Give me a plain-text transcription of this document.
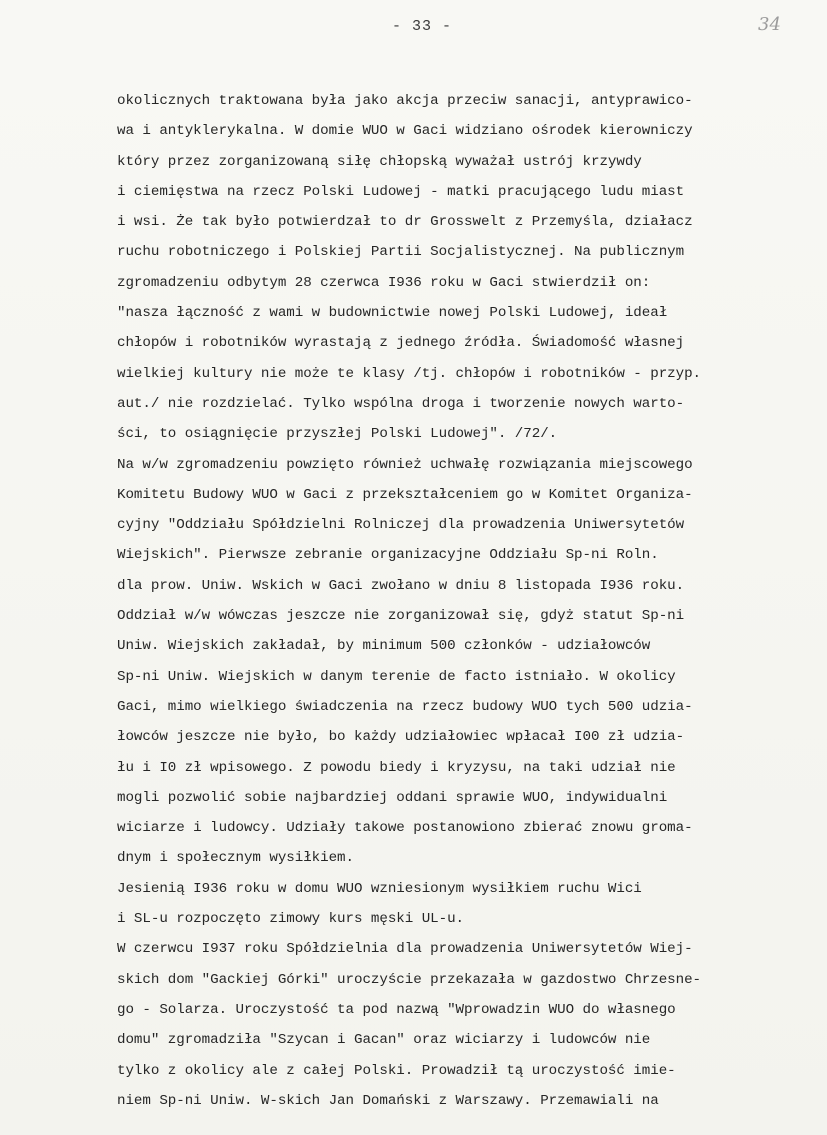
- 33 -	34
okolicznych traktowana była jako akcja przeciw sanacji, antyprawico-
wa i antyklerykalna. W domie WUO w Gaci widziano ośrodek kierowniczy
który przez zorganizowaną siłę chłopską wyważał ustrój krzywdy
i ciemięstwa na rzecz Polski Ludowej - matki pracującego ludu miast
i wsi. Że tak było potwierdzał to dr Grosswelt z Przemyśla, działacz
ruchu robotniczego i Polskiej Partii Socjalistycznej. Na publicznym
zgromadzeniu odbytym 28 czerwca I936 roku w Gaci stwierdził on:
"nasza łączność z wami w budownictwie nowej Polski Ludowej, ideał
chłopów i robotników wyrastają z jednego źródła. Świadomość własnej
wielkiej kultury nie może te klasy /tj. chłopów i robotników - przyp.
aut./ nie rozdzielać. Tylko wspólna droga i tworzenie nowych warto-
ści, to osiągnięcie przyszłej Polski Ludowej". /72/.
Na w/w zgromadzeniu powzięto również uchwałę rozwiązania miejscowego
Komitetu Budowy WUO w Gaci z przekształceniem go w Komitet Organiza-
cyjny "Oddziału Spółdzielni Rolniczej dla prowadzenia Uniwersytetów
Wiejskich". Pierwsze zebranie organizacyjne Oddziału Sp-ni Roln.
dla prow. Uniw. Wskich w Gaci zwołano w dniu 8 listopada I936 roku.
Oddział w/w wówczas jeszcze nie zorganizował się, gdyż statut Sp-ni
Uniw. Wiejskich zakładał, by minimum 500 członków - udziałowców
Sp-ni Uniw. Wiejskich w danym terenie de facto istniało. W okolicy
Gaci, mimo wielkiego świadczenia na rzecz budowy WUO tych 500 udzia-
łowców jeszcze nie było, bo każdy udziałowiec wpłacał I00 zł udzia-
łu i I0 zł wpisowego. Z powodu biedy i kryzysu, na taki udział nie
mogli pozwolić sobie najbardziej oddani sprawie WUO, indywidualni
wiciarze i ludowcy. Udziały takowe postanowiono zbierać znowu groma-
dnym i społecznym wysiłkiem.
Jesienią I936 roku w domu WUO wzniesionym wysiłkiem ruchu Wici
i SL-u rozpoczęto zimowy kurs męski UL-u.
W czerwcu I937 roku Spółdzielnia dla prowadzenia Uniwersytetów Wiej-
skich dom "Gackiej Górki" uroczyście przekazała w gazdostwo Chrzesne-
go - Solarza. Uroczystość ta pod nazwą "Wprowadzin WUO do własnego
domu" zgromadziła "Szycan i Gacan" oraz wiciarzy i ludowców nie
tylko z okolicy ale z całej Polski. Prowadził tą uroczystość imie-
niem Sp-ni Uniw. W-skich Jan Domański z Warszawy. Przemawiali na
